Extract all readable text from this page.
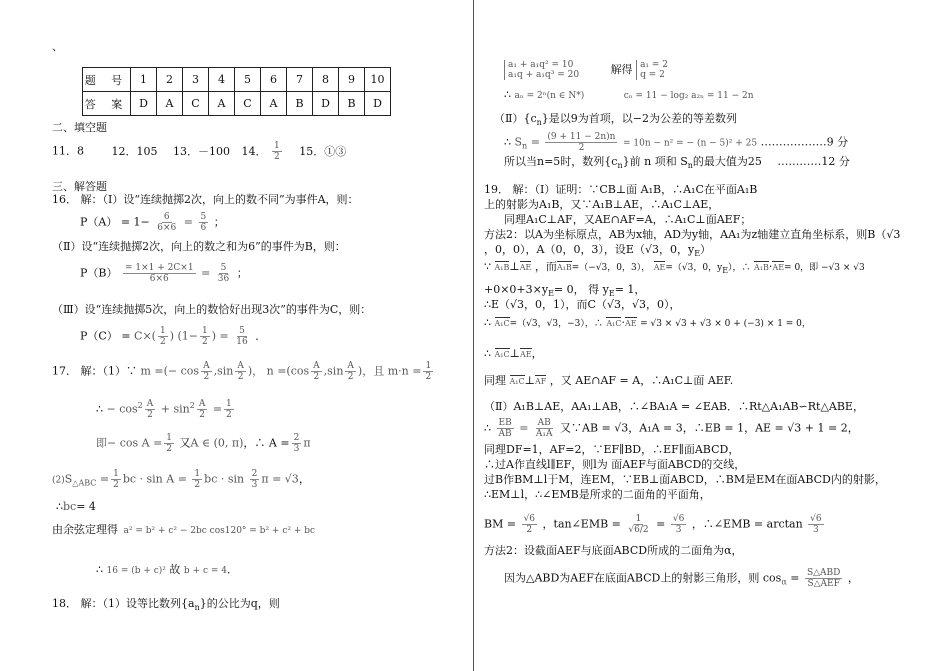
、
题 号	1	2	3	4	5	6	7	8	9	10
答 案	D	A	C	A	C	A	B	D	B	D
二、填空题
11．8	12．105 13．－100 14． $\frac{1}{2} 15$．①③
三、解答题
16． 解：（Ⅰ）设“连续抛掷2次，向上的数不同”为事件A，则：
$P(A) = 1- \frac{6}{6\times 6} = \frac{5}{6}$ ；
（Ⅱ）设“连续抛掷2次，向上的数之和为6”的事件为B，则：
$P(B) \frac{= 1\times 1 + 2C\times 1}{6\times 6} = \frac{5}{36}$ ；
（Ⅲ）设“连续抛掷5次，向上的数恰好出现3次”的事件为C，则：
$P(C) = C\times( \frac{1}{2}$ ) ($1- \frac{1}{2}$ ) = $\frac{5}{16}$ ．
17． 解：（1）∵ m =(− $\cos \frac{A}{2} ,\sin \frac{A}{2}$ )， $n =(\cos \frac{A}{2} ,\sin \frac{A}{2}$ )，且 $m\cdot n = \frac{1}{2}$
∴ − $\cos^2 \frac{A}{2} + \sin^2 \frac{A}{2} = \frac{1}{2}$
即− $\cos A = \frac{1}{2}$ 又A ∈ (0, π)，∴ $A = \frac{2}{3}$ π
$(2)S_{\triangle ABC} = \frac{1}{2}$ bc · $\sin A = \frac{1}{2}$ bc · $\sin \frac{2}{3}$ π = √3，
∴bc= 4
由余弦定理得 a² = b² + c² − 2bc cos120° = b² + c² + bc
∴ 16 = (b + c)² 故 b + c = 4．
18． 解：（1）设等比数列$\{a_n\}$的公比为q，则
a₁ + a₁q² = 10
a₁q + a₁q³ = 20	解得 a₁ = 2
q = 2
∴ aₙ = 2ⁿ(n ∈ N*)	cₙ = 11 − log₂ a₂ₙ = 11 − 2n
$(Ⅱ)\{c_n\}$是以9为首项，以−2为公差的等差数列
∴ $S_n = \frac{(9 + 11 - 2n)n}{2} = 10n - n^2$ = − (n − 5)² + 25 ………………9 分
所以当n=5时，数列$\{c_n\}$前 n 项和 $S_n$的最大值为25 …………12 分
19． 解：（Ⅰ）证明：∵CB⊥面 A₁B，∴A₁C在平面A₁B
上的射影为A₁B，又∵A₁B⊥AE，∴A₁C⊥AE，
同理A₁C⊥AF，又AE∩AF=A，∴A₁C⊥面AEF；
方法2：以A为坐标原点，AB为x轴，AD为y轴，AA₁为z轴建立直角坐标系，则B（√3
，0，0），A（0，0，3），设E（√3，0，$y_E$）
∵ A₁B⊥AE ，而A₁B=（−√3，0，3）， AE=（√3，0，$y_E$），∴ A₁B·AE= 0，即 −√3 × √3
$+0\times 0+3\times y_E= 0$， 得 $y_E= 1$，
∴E（√3，0，1），而C（√3，√3，0），
∴ A₁C=（√3，√3，−3），∴ A₁C·AE = √3 × √3 + √3 × 0 + (−3) × 1 = 0，
∴ A₁C⊥AE，
同理 A₁C⊥AF ，又 AE∩AF = A，∴A₁C⊥面 AEF.
（Ⅱ）A₁B⊥AE，AA₁⊥AB，∴∠BA₁A = ∠EAB．∴Rt△A₁AB∽Rt△ABE，
∴ $\frac{EB}{AB} = \frac{AB}{\text{A₁A}}$ 又∵AB = √3，A₁A = 3，∴EB = 1，AE = √3 + 1 = 2，
同理DF=1，AF=2，∵EF∥BD，∴EF∥面ABCD，
∴过A作直线l∥EF，则l为 面AEF与面ABCD的交线，
过B作BM⊥l于M，连EM，∵EB⊥面ABCD，∴BM是EM在面ABCD内的射影，
∴EM⊥l，∴∠EMB是所求的二面角的平面角，
BM = $\frac{√6}{2}$ ，tan∠EMB = $\frac{1}{√6/2} = \frac{√6}{3}$ ，∴∠EMB = $\arctan \frac{√6}{3}$
方法2：设截面AEF与底面ABCD所成的二面角为α，
因为△ABD为AEF在底面ABCD上的射影三角形，则 $\cos_\alpha = \frac{\text{S△ABD}}{\text{S△AEF}}$ ，
